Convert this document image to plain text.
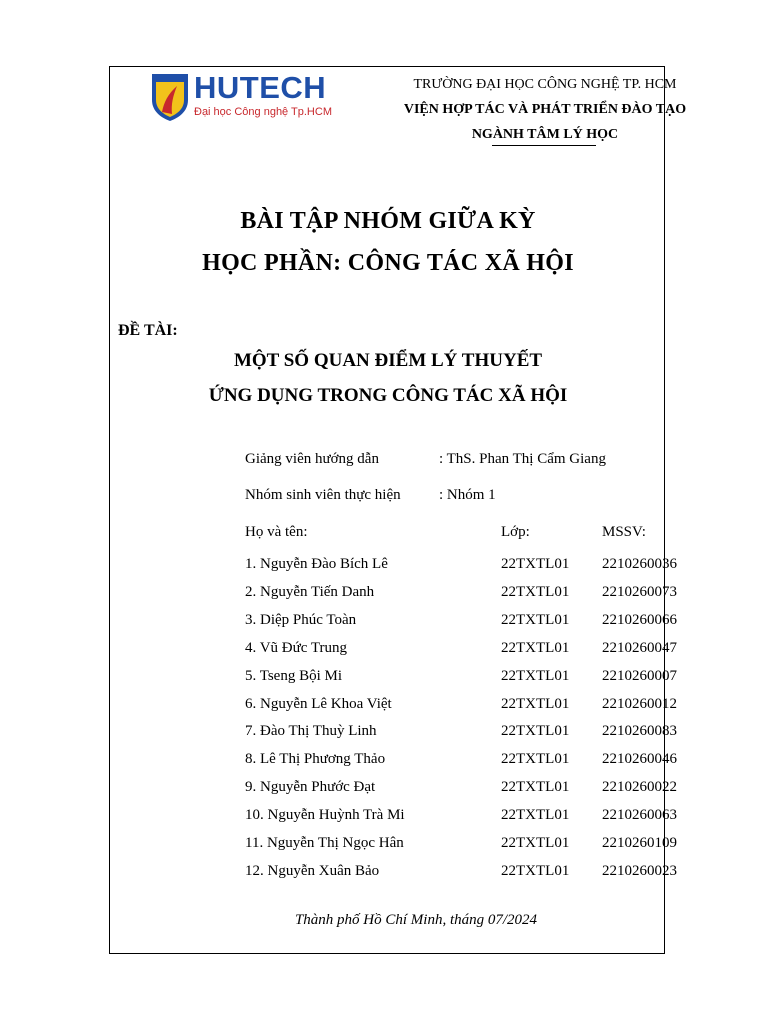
HUTECH
Đại học Công nghệ Tp.HCM
TRƯỜNG ĐẠI HỌC CÔNG NGHỆ TP. HCM
VIỆN HỢP TÁC VÀ PHÁT TRIỂN ĐÀO TẠO
NGÀNH TÂM LÝ HỌC
BÀI TẬP NHÓM GIỮA KỲ
HỌC PHẦN: CÔNG TÁC XÃ HỘI
ĐỀ TÀI:
MỘT SỐ QUAN ĐIỂM LÝ THUYẾT
ỨNG DỤNG TRONG CÔNG TÁC XÃ HỘI
Giảng viên hướng dẫn	: ThS. Phan Thị Cẩm Giang
Nhóm sinh viên thực hiện	: Nhóm 1
Họ và tên:	Lớp:	MSSV:
1. Nguyễn Đào Bích Lê	22TXTL01 2210260036
2. Nguyễn Tiến Danh	22TXTL01 2210260073
3. Diệp Phúc Toàn	22TXTL01 2210260066
4. Vũ Đức Trung	22TXTL01 2210260047
5. Tseng Bội Mi	22TXTL01 2210260007
6. Nguyễn Lê Khoa Việt	22TXTL01 2210260012
7. Đào Thị Thuỳ Linh	22TXTL01 2210260083
8. Lê Thị Phương Thảo	22TXTL01 2210260046
9. Nguyễn Phước Đạt	22TXTL01 2210260022
10. Nguyễn Huỳnh Trà Mi	22TXTL01 2210260063
11. Nguyễn Thị Ngọc Hân	22TXTL01 2210260109
12. Nguyễn Xuân Bảo	22TXTL01 2210260023
Thành phố Hồ Chí Minh, tháng 07/2024
